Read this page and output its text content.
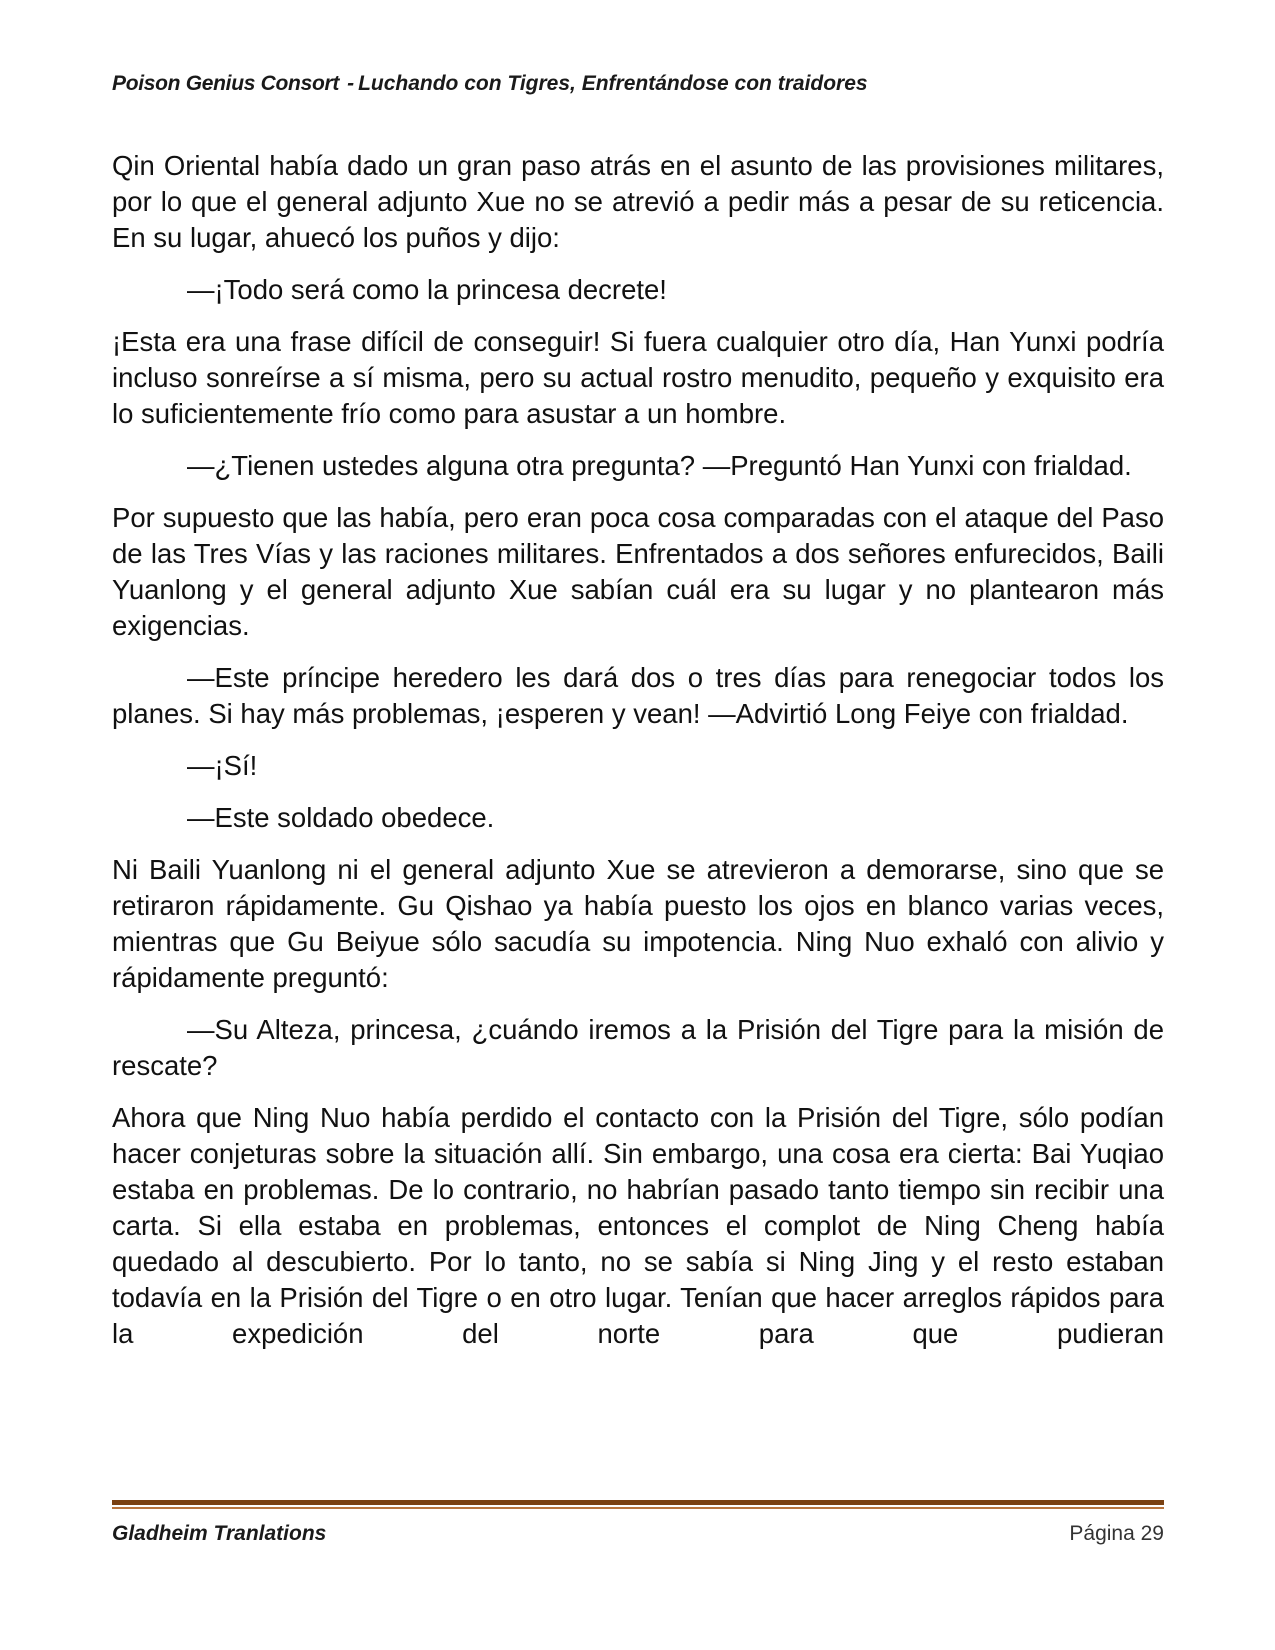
Poison Genius Consort - Luchando con Tigres, Enfrentándose con traidores

Qin Oriental había dado un gran paso atrás en el asunto de las provisiones militares, por lo que el general adjunto Xue no se atrevió a pedir más a pesar de su reticencia. En su lugar, ahuecó los puños y dijo:

—¡Todo será como la princesa decrete!

¡Esta era una frase difícil de conseguir! Si fuera cualquier otro día, Han Yunxi podría incluso sonreírse a sí misma, pero su actual rostro menudito, pequeño y exquisito era lo suficientemente frío como para asustar a un hombre.

—¿Tienen ustedes alguna otra pregunta? —Preguntó Han Yunxi con frialdad.

Por supuesto que las había, pero eran poca cosa comparadas con el ataque del Paso de las Tres Vías y las raciones militares. Enfrentados a dos señores enfurecidos, Baili Yuanlong y el general adjunto Xue sabían cuál era su lugar y no plantearon más exigencias.

—Este príncipe heredero les dará dos o tres días para renegociar todos los planes. Si hay más problemas, ¡esperen y vean! —Advirtió Long Feiye con frialdad.

—¡Sí!

—Este soldado obedece.

Ni Baili Yuanlong ni el general adjunto Xue se atrevieron a demorarse, sino que se retiraron rápidamente. Gu Qishao ya había puesto los ojos en blanco varias veces, mientras que Gu Beiyue sólo sacudía su impotencia. Ning Nuo exhaló con alivio y rápidamente preguntó:

—Su Alteza, princesa, ¿cuándo iremos a la Prisión del Tigre para la misión de rescate?

Ahora que Ning Nuo había perdido el contacto con la Prisión del Tigre, sólo podían hacer conjeturas sobre la situación allí. Sin embargo, una cosa era cierta: Bai Yuqiao estaba en problemas. De lo contrario, no habrían pasado tanto tiempo sin recibir una carta. Si ella estaba en problemas, entonces el complot de Ning Cheng había quedado al descubierto. Por lo tanto, no se sabía si Ning Jing y el resto estaban todavía en la Prisión del Tigre o en otro lugar. Tenían que hacer arreglos rápidos para la expedición del norte para que pudieran

Gladheim Tranlations	Página 29
